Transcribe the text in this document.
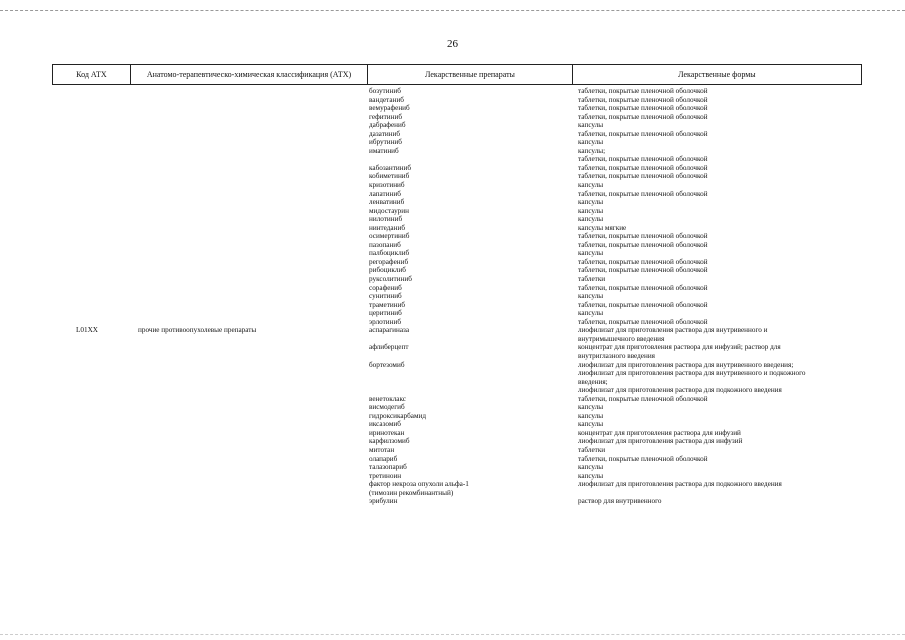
26
Код АТХ	Анатомо-терапевтическо-химическая классификация (АТХ)	Лекарственные препараты	Лекарственные формы
бозутиниб	таблетки, покрытые пленочной оболочкой
вандетаниб	таблетки, покрытые пленочной оболочкой
вемурафениб	таблетки, покрытые пленочной оболочкой
гефитиниб	таблетки, покрытые пленочной оболочкой
дабрафениб	капсулы
дазатиниб	таблетки, покрытые пленочной оболочкой
ибрутиниб	капсулы
иматиниб	капсулы;
таблетки, покрытые пленочной оболочкой
кабозантиниб	таблетки, покрытые пленочной оболочкой
кобиметиниб	таблетки, покрытые пленочной оболочкой
кризотиниб	капсулы
лапатиниб	таблетки, покрытые пленочной оболочкой
ленватиниб	капсулы
мидостаурин	капсулы
нилотиниб	капсулы
нинтеданиб	капсулы мягкие
осимертиниб	таблетки, покрытые пленочной оболочкой
пазопаниб	таблетки, покрытые пленочной оболочкой
палбоциклиб	капсулы
регорафениб	таблетки, покрытые пленочной оболочкой
рибоциклиб	таблетки, покрытые пленочной оболочкой
руксолитиниб	таблетки
сорафениб	таблетки, покрытые пленочной оболочкой
сунитиниб	капсулы
траметиниб	таблетки, покрытые пленочной оболочкой
церитиниб	капсулы
эрлотиниб	таблетки, покрытые пленочной оболочкой
L01XX	прочие противоопухолевые препараты	аспарагиназа	лиофилизат для приготовления раствора для внутривенного и
внутримышечного введения
афлиберцепт	концентрат для приготовления раствора для инфузий; раствор для
внутриглазного введения
бортезомиб	лиофилизат для приготовления раствора для внутривенного введения;
лиофилизат для приготовления раствора для внутривенного и подкожного
введения;
лиофилизат для приготовления раствора для подкожного введения
венетоклакс	таблетки, покрытые пленочной оболочкой
висмодегиб	капсулы
гидроксикарбамид	капсулы
иксазомиб	капсулы
иринотекан	концентрат для приготовления раствора для инфузий
карфилзомиб	лиофилизат для приготовления раствора для инфузий
митотан	таблетки
олапариб	таблетки, покрытые пленочной оболочкой
талазопариб	капсулы
третиноин	капсулы
фактор некроза опухоли альфа-1	лиофилизат для приготовления раствора для подкожного введения
(тимозин рекомбинантный)
эрибулин	раствор для внутривенного
